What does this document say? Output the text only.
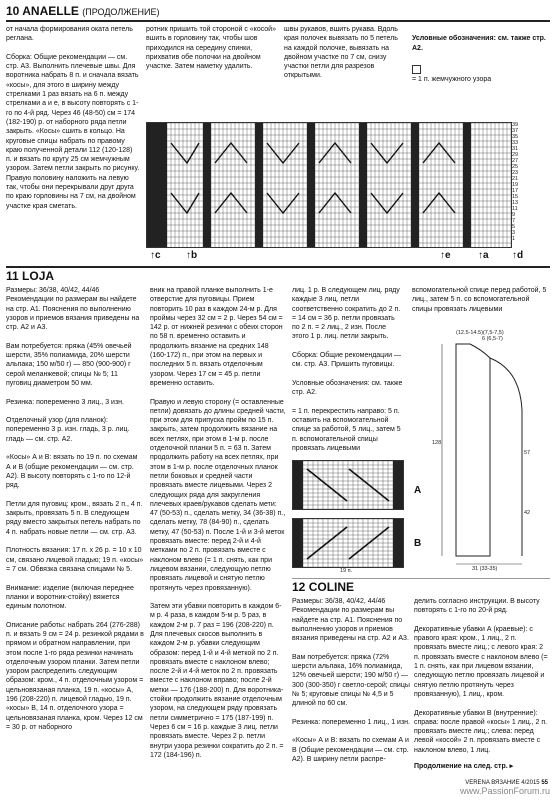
10 ANAELLE (ПРОДОЛЖЕНИЕ)
от начала формирования оката петель реглана.

Сборка: Общие рекомендации — см. стр. А3. Выполнить плечевые швы. Для воротника набрать 8 п. и сначала вязать «косы», для этого в ширину между стрелками 1 раз вязать на 6 п. между стрелками а и e, в высоту повторять с 1-го по 4-й ряд. Через 46 (48-50) см = 174 (182-190) р. от наборного ряда петли закрыть. «Косы» сшить в кольцо. На круговые спицы набрать по правому краю полученной детали 112 (120-128) п. и вязать по кругу 25 см жемчужным узором. Затем петли закрыть по рисунку. Правую половину наложить на левую так, чтобы они перекрывали друг друга по краю горловины на 7 см, на двойном участке края сметать.
ротник пришить той стороной с «косой» вшить в горловину так, чтобы шов приходился на середину спинки, прихватив обе полочки на двойном участке. Затем наметку удалить.
швы рукавов, вшить рукава. Вдоль края полочек вывязать по 5 петель на каждой полочке, вывязать на двойном участке по 7 см, снизу участки петли для разрезов открытыми.

Условные обозначения: см. также стр. А2.

= 1 п. жемчужного узора

39
37
35
33
31
29
27
25
23
21
19
17
15
13
11
9
7
5
3
1
↑c	↑b	↑e	↑a ↑d
11 LOJA
Размеры: 36/38, 40/42, 44/46
Рекомендации по размерам вы найдете на стр. А1. Пояснения по выполнению узоров и приемов вязания приведены на стр. А2 и А3.

Вам потребуется: пряжа (45% овечьей шерсти, 35% полиамида, 20% шерсти альпака; 150 м/50 г) — 850 (900-900) г серой меланжевой; спицы № 5; 11 пуговиц диаметром 50 мм.

Резинка: попеременно 3 лиц., 3 изн.

Отделочный узор (для планок): попеременно 3 р. изн. гладь, 3 р. лиц. гладь — см. стр. А2.

«Косы» А и В: вязать по 19 п. по схемам А и В (общие рекомендации — см. стр. А2). В высоту повторять с 1-го по 12-й ряд.

Петли для пуговиц: кром., вязать 2 п., 4 п. закрыть, провязать 5 п. В следующем ряду вместо закрытых петель набрать по 4 п. набрать новые петли — см. стр. А3.

Плотность вязания: 17 п. x 26 р. = 10 x 10 см, связано лицевой гладью; 19 п. «косы» = 7 см. Обвязка связана спицами № 5.

Внимание: изделие (включая переднее планки и воротник-стойку) вяжется единым полотном.

Описание работы: набрать 264 (276-288) п. и вязать 9 см = 24 р. резинкой рядами в прямом и обратном направлении, при этом после 1-го ряда резинки начинать отделочным узором планки. Затем петли узором распределить следующим образом: кром., 4 п. отделочным узором = цельновязаная планка, 19 п. «косы» А, 196 (208-220) п. лицевой гладью, 19 п. «косы» В, 14 п. отделочного узора = цельновязаная планка, кром. Через 12 см = 30 р. от наборного
вник на правой планке выполнить 1-е отверстие для пуговицы. Прием повторить 10 раз в каждом 24-м р. Для проймы через 32 см = 2 р. Через 54 см = 142 р. от нижней резинки с обеих сторон по 58 п. временно оставить и продолжить вязание на средних 148 (160-172) п., при этом на первых и последних 5 п. вязать отделочным узором. Через 17 см = 45 р. петли временно оставить.

Правую и левую сторону (= оставленные петли) довязать до длины средней части, при этом для припуска пройм по 15 п. закрыть, затем продолжить вязание на всех петлях, при этом в 1-м р. после отделочной планки 5 п. = 63 п. Затем продолжить работу на всех петлях, при этом в 1-м р. после отделочных планок петли боковых и средней части провязать вместе лицевыми. Через 2 следующих ряда для закругления плечевых краев/рукавов сделать мети: 47 (50-53) п., сделать метку, 34 (36-38) п., сделать метку, 78 (84-90) п., сделать метку, 47 (50-53) п. После 1-й и 3-й меток провязать вместе: перед 2-й и 4-й метками по 2 п. провязать вместе с наклоном влево (= 1 п. снять, как при лицевом вязании, следующую петлю провязать лицевой и снятую петлю протянуть через провязанную).

Затем эти убавки повторить в каждом 6-м р. 4 раза, в каждом 5-м р. 5 раз, в каждом 2-м р. 7 раз = 196 (208-220) п. Для плечевых скосов выполнить в каждом 2-м р. убавки следующим образом: перед 1-й и 4-й меткой по 2 п. провязать вместе с наклоном влево; после 2-й и 4-й меток по 2 п. провязать вместе с наклоном вправо; после 2-й метки — 176 (188-200) п. Для воротника-стойки продолжить вязание отделочным узором, на следующем ряду провязать петли симметрично = 175 (187-199) п. Через 6 см = 16 р. каждые 3 лиц. петли провязать вместе. Через 2 р. петли внутри узора резинки сократить до 2 п. = 172 (184-196) п.
лиц. 1 р. В следующем лиц. ряду каждые 3 лиц. петли соответственно сократить до 2 п. = 14 см = 36 р. петли провязать по 2 п. = 2 лиц., 2 изн. После этого 1 р. лиц. петли закрыть.

Сборка: Общие рекомендации — см. стр. А3. Пришить пуговицы.

Условные обозначения: см. также стр. А2.

= 1 п. перекрестить направо: 5 п. оставить на вспомогательной спице за работой, 5 лиц., затем 5 п. вспомогательной спицы провязать лицевыми

вспомогательной спице перед работой, 5 лиц., затем 5 п. со вспомогательной спицы провязать лицевыми
(12.5-14.5)(7,5-7,5)
6 (6,5-7)
128
57
42
31 (33-35)
A
B
19 п.
12 COLINE
Размеры: 36/38, 40/42, 44/46
Рекомендации по размерам вы найдете на стр. А1. Пояснения по выполнению узоров и приемов вязания приведены на стр. А2 и А3.

Вам потребуется: пряжа (72% шерсти альпака, 16% полиамида, 12% овечьей шерсти; 190 м/50 г) — 300 (300-350) г светло-серой; спицы № 5; круговые спицы № 4,5 и 5 длиной по 60 см.

Резинка: попеременно 1 лиц., 1 изн.

«Косы» А и В: вязать по схемам А и В (Общие рекомендации — см. стр. А2). В ширину петли распре-
делить согласно инструкции. В высоту повторять с 1-го по 20-й ряд.

Декоративные убавки А (краевые): с правого края: кром., 1 лиц., 2 п. провязать вместе лиц.; с левого края: 2 п. провязать вместе с наклоном влево (= 1 п. снять, как при лицевом вязании, следующую петлю провязать лицевой и снятую петлю протянуть через провязанную), 1 лиц., кром.

Декоративные убавки В (внутренние): справа: после правой «косы» 1 лиц., 2 п. провязать вместе лиц.; слева: перед левой «косой» 2 п. провязать вместе с наклоном влево, 1 лиц.
Продолжение на след. стр. ▸
VERENA ВЯЗАНИЕ 4/2015 55
www.PassionForum.ru
